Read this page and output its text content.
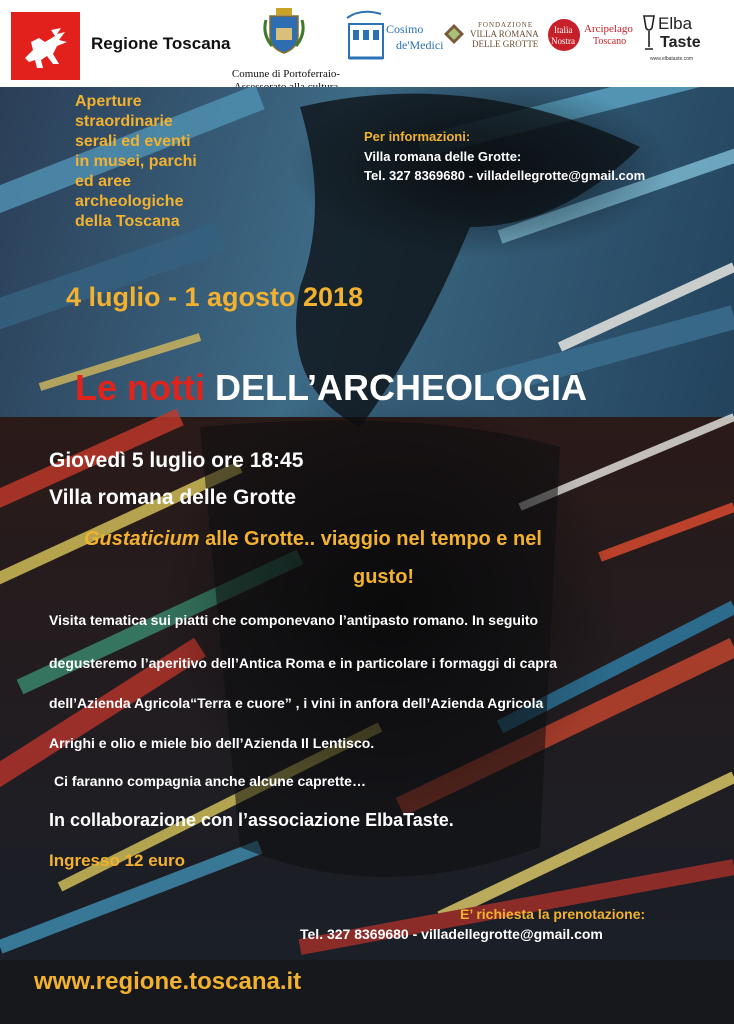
Regione Toscana

Comune di Portoferraio-

Cosimo

de'Medici

FONDAZIONE

VILLA ROMANA

DELLE GROTTE

Italia

Nostra

Arcipelago

Toscano

Elba

Taste

www.elbataste.com

Aperture

straordinarie

serali ed eventi

in musei, parchi

ed aree

archeologiche

della Toscana

Per informazioni:

Villa romana delle Grotte:

Tel. 327 8369680 - villadellegrotte@gmail.com

4 luglio - 1 agosto 2018

Le notti DELL’ARCHEOLOGIA

Giovedì 5 luglio ore 18:45

Villa romana delle Grotte

Gustaticium alle Grotte.. viaggio nel tempo e nel

gusto!

Visita tematica sui piatti che componevano l’antipasto romano. In seguito

degusteremo l’aperitivo dell’Antica Roma e in particolare i formaggi di capra

dell’Azienda Agricola“Terra e cuore” , i vini in anfora dell’Azienda Agricola

Arrighi e olio e miele bio dell’Azienda Il Lentisco.

Ci faranno compagnia anche alcune caprette…

In collaborazione con l’associazione ElbaTaste.

Ingresso 12 euro

E’ richiesta la prenotazione:

Tel. 327 8369680 - villadellegrotte@gmail.com

www.regione.toscana.it
